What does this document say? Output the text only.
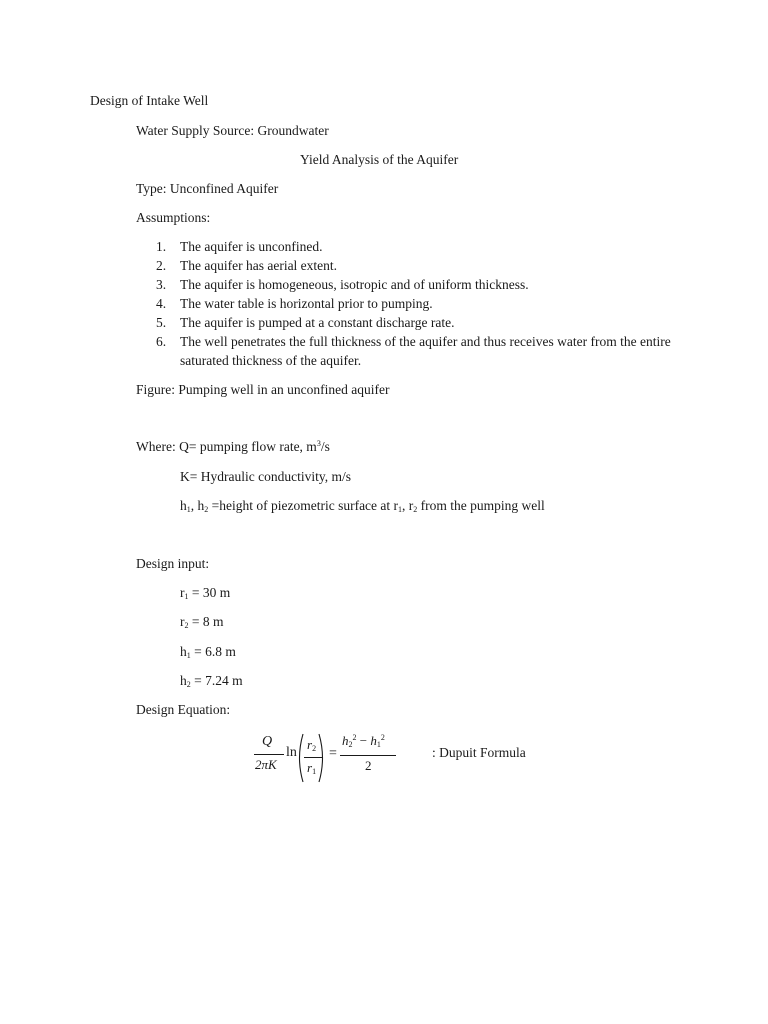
Design of Intake Well
Water Supply Source: Groundwater
Yield Analysis of the Aquifer
Type: Unconfined Aquifer
Assumptions:
1. The aquifer is unconfined.
2. The aquifer has aerial extent.
3. The aquifer is homogeneous, isotropic and of uniform thickness.
4. The water table is horizontal prior to pumping.
5. The aquifer is pumped at a constant discharge rate.
6. The well penetrates the full thickness of the aquifer and thus receives water from the entire saturated thickness of the aquifer.
Figure: Pumping well in an unconfined aquifer
Where: Q= pumping flow rate, $m^3/s$
K= Hydraulic conductivity, m/s
$h_1$, $h_2$ =height of piezometric surface at $r_1$, $r_2$ from the pumping well
Design input:
$r_1 = 30$ m
$r_2 = 8$ m
$h_1 = 6.8$ m
$h_2 = 7.24$ m
Design Equation:
Q
2πK
ln
$r_2$
$r_1$
=
$h_2^2 - h_1^2$
2
: Dupuit Formula
